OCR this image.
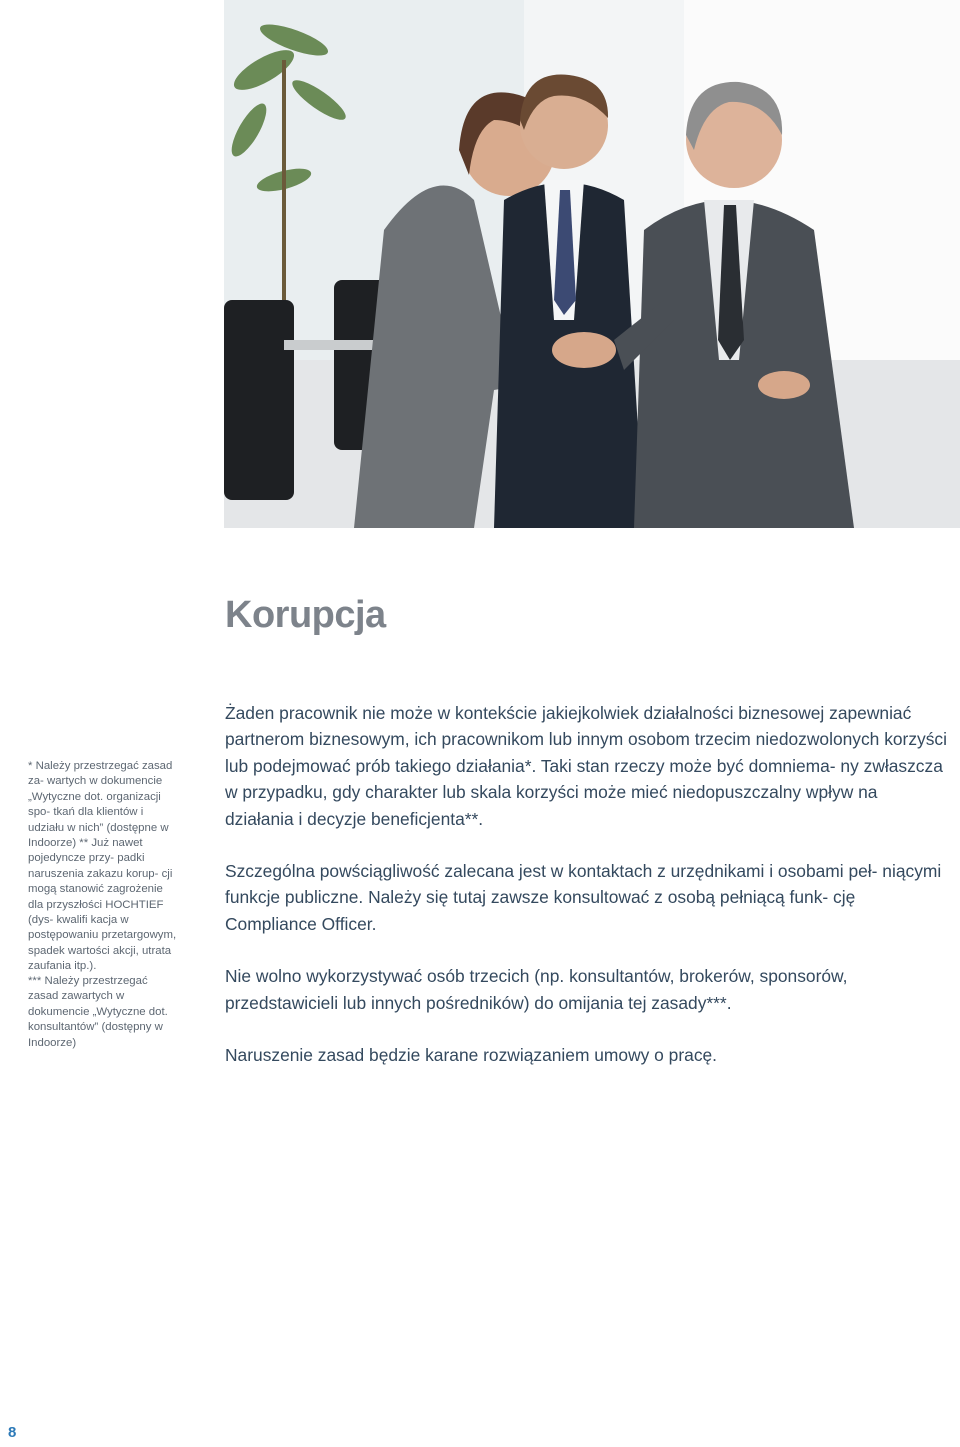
Korupcja

* Należy przestrzegać zasad za- wartych w dokumencie „Wytyczne dot. organizacji spo- tkań dla klientów i udziału w nich” (dostępne w Indoorze) ** Już nawet pojedyncze przy- padki naruszenia zakazu korup- cji mogą stanowić zagrożenie dla przyszłości HOCHTIEF (dys- kwalifi kacja w postępowaniu przetargowym, spadek wartości akcji, utrata zaufania itp.).

*** Należy przestrzegać zasad zawartych w dokumencie „Wytyczne dot. konsultantów” (dostępny w Indoorze)

Żaden pracownik nie może w kontekście jakiejkolwiek działalności biznesowej zapewniać partnerom biznesowym, ich pracownikom lub innym osobom trzecim niedozwolonych korzyści lub podejmować prób takiego działania*. Taki stan rzeczy może być domniema- ny zwłaszcza w przypadku, gdy charakter lub skala korzyści może mieć niedopuszczalny wpływ na działania i decyzje beneficjenta**.

Szczególna powściągliwość zalecana jest w kontaktach z urzędnikami i osobami peł- niącymi funkcje publiczne. Należy się tutaj zawsze konsultować z osobą pełniącą funk- cję Compliance Officer.

Nie wolno wykorzystywać osób trzecich (np. konsultantów, brokerów, sponsorów, przedstawicieli lub innych pośredników) do omijania tej zasady***.

Naruszenie zasad będzie karane rozwiązaniem umowy o pracę.

8
